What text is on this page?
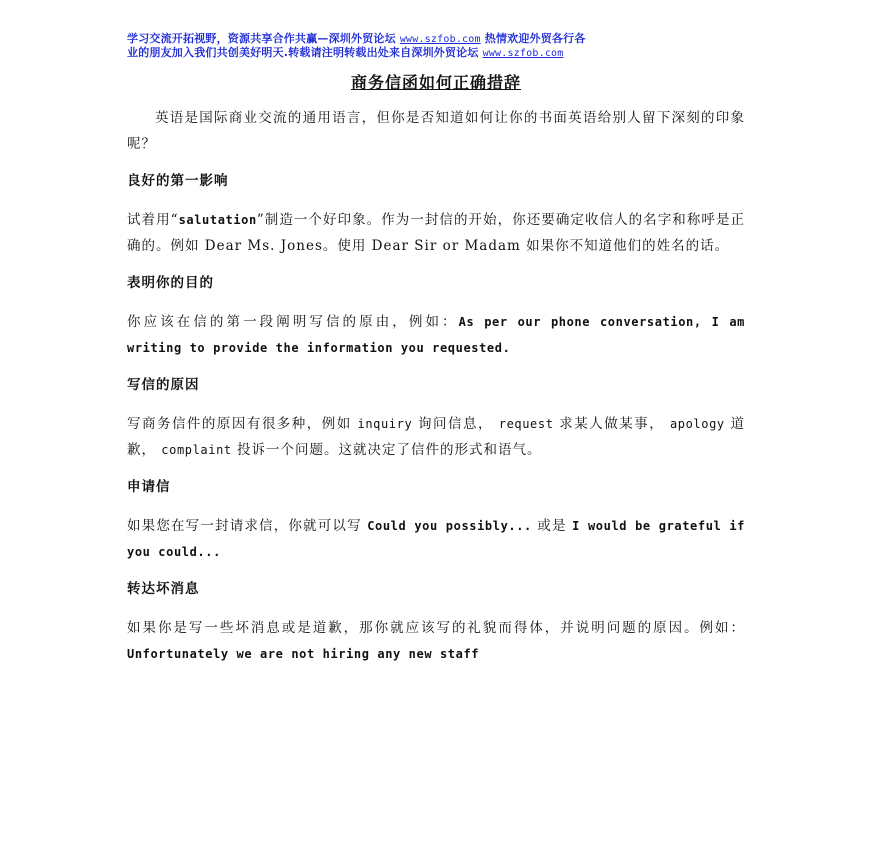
学习交流开拓视野，资源共享合作共赢—深圳外贸论坛 www.szfob.com 热情欢迎外贸各行各
业的朋友加入我们共创美好明天.转载请注明转载出处来自深圳外贸论坛 www.szfob.com
商务信函如何正确措辞

英语是国际商业交流的通用语言，但你是否知道如何让你的书面英语给别人留下深刻的印象呢？

良好的第一影响

试着用“salutation”制造一个好印象。作为一封信的开始，你还要确定收信人的名字和称呼是正确的。例如 Dear Ms. Jones。使用 Dear Sir or Madam 如果你不知道他们的姓名的话。

表明你的目的

你应该在信的第一段阐明写信的原由，例如：As per our phone conversation, I am writing to provide the information you requested.

写信的原因

写商务信件的原因有很多种，例如 inquiry 询问信息， request 求某人做某事， apology 道歉， complaint 投诉一个问题。这就决定了信件的形式和语气。

申请信

如果您在写一封请求信，你就可以写 Could you possibly... 或是 I would be grateful if you could...

转达坏消息

如果你是写一些坏消息或是道歉，那你就应该写的礼貌而得体，并说明问题的原因。例如：Unfortunately we are not hiring any new staff
